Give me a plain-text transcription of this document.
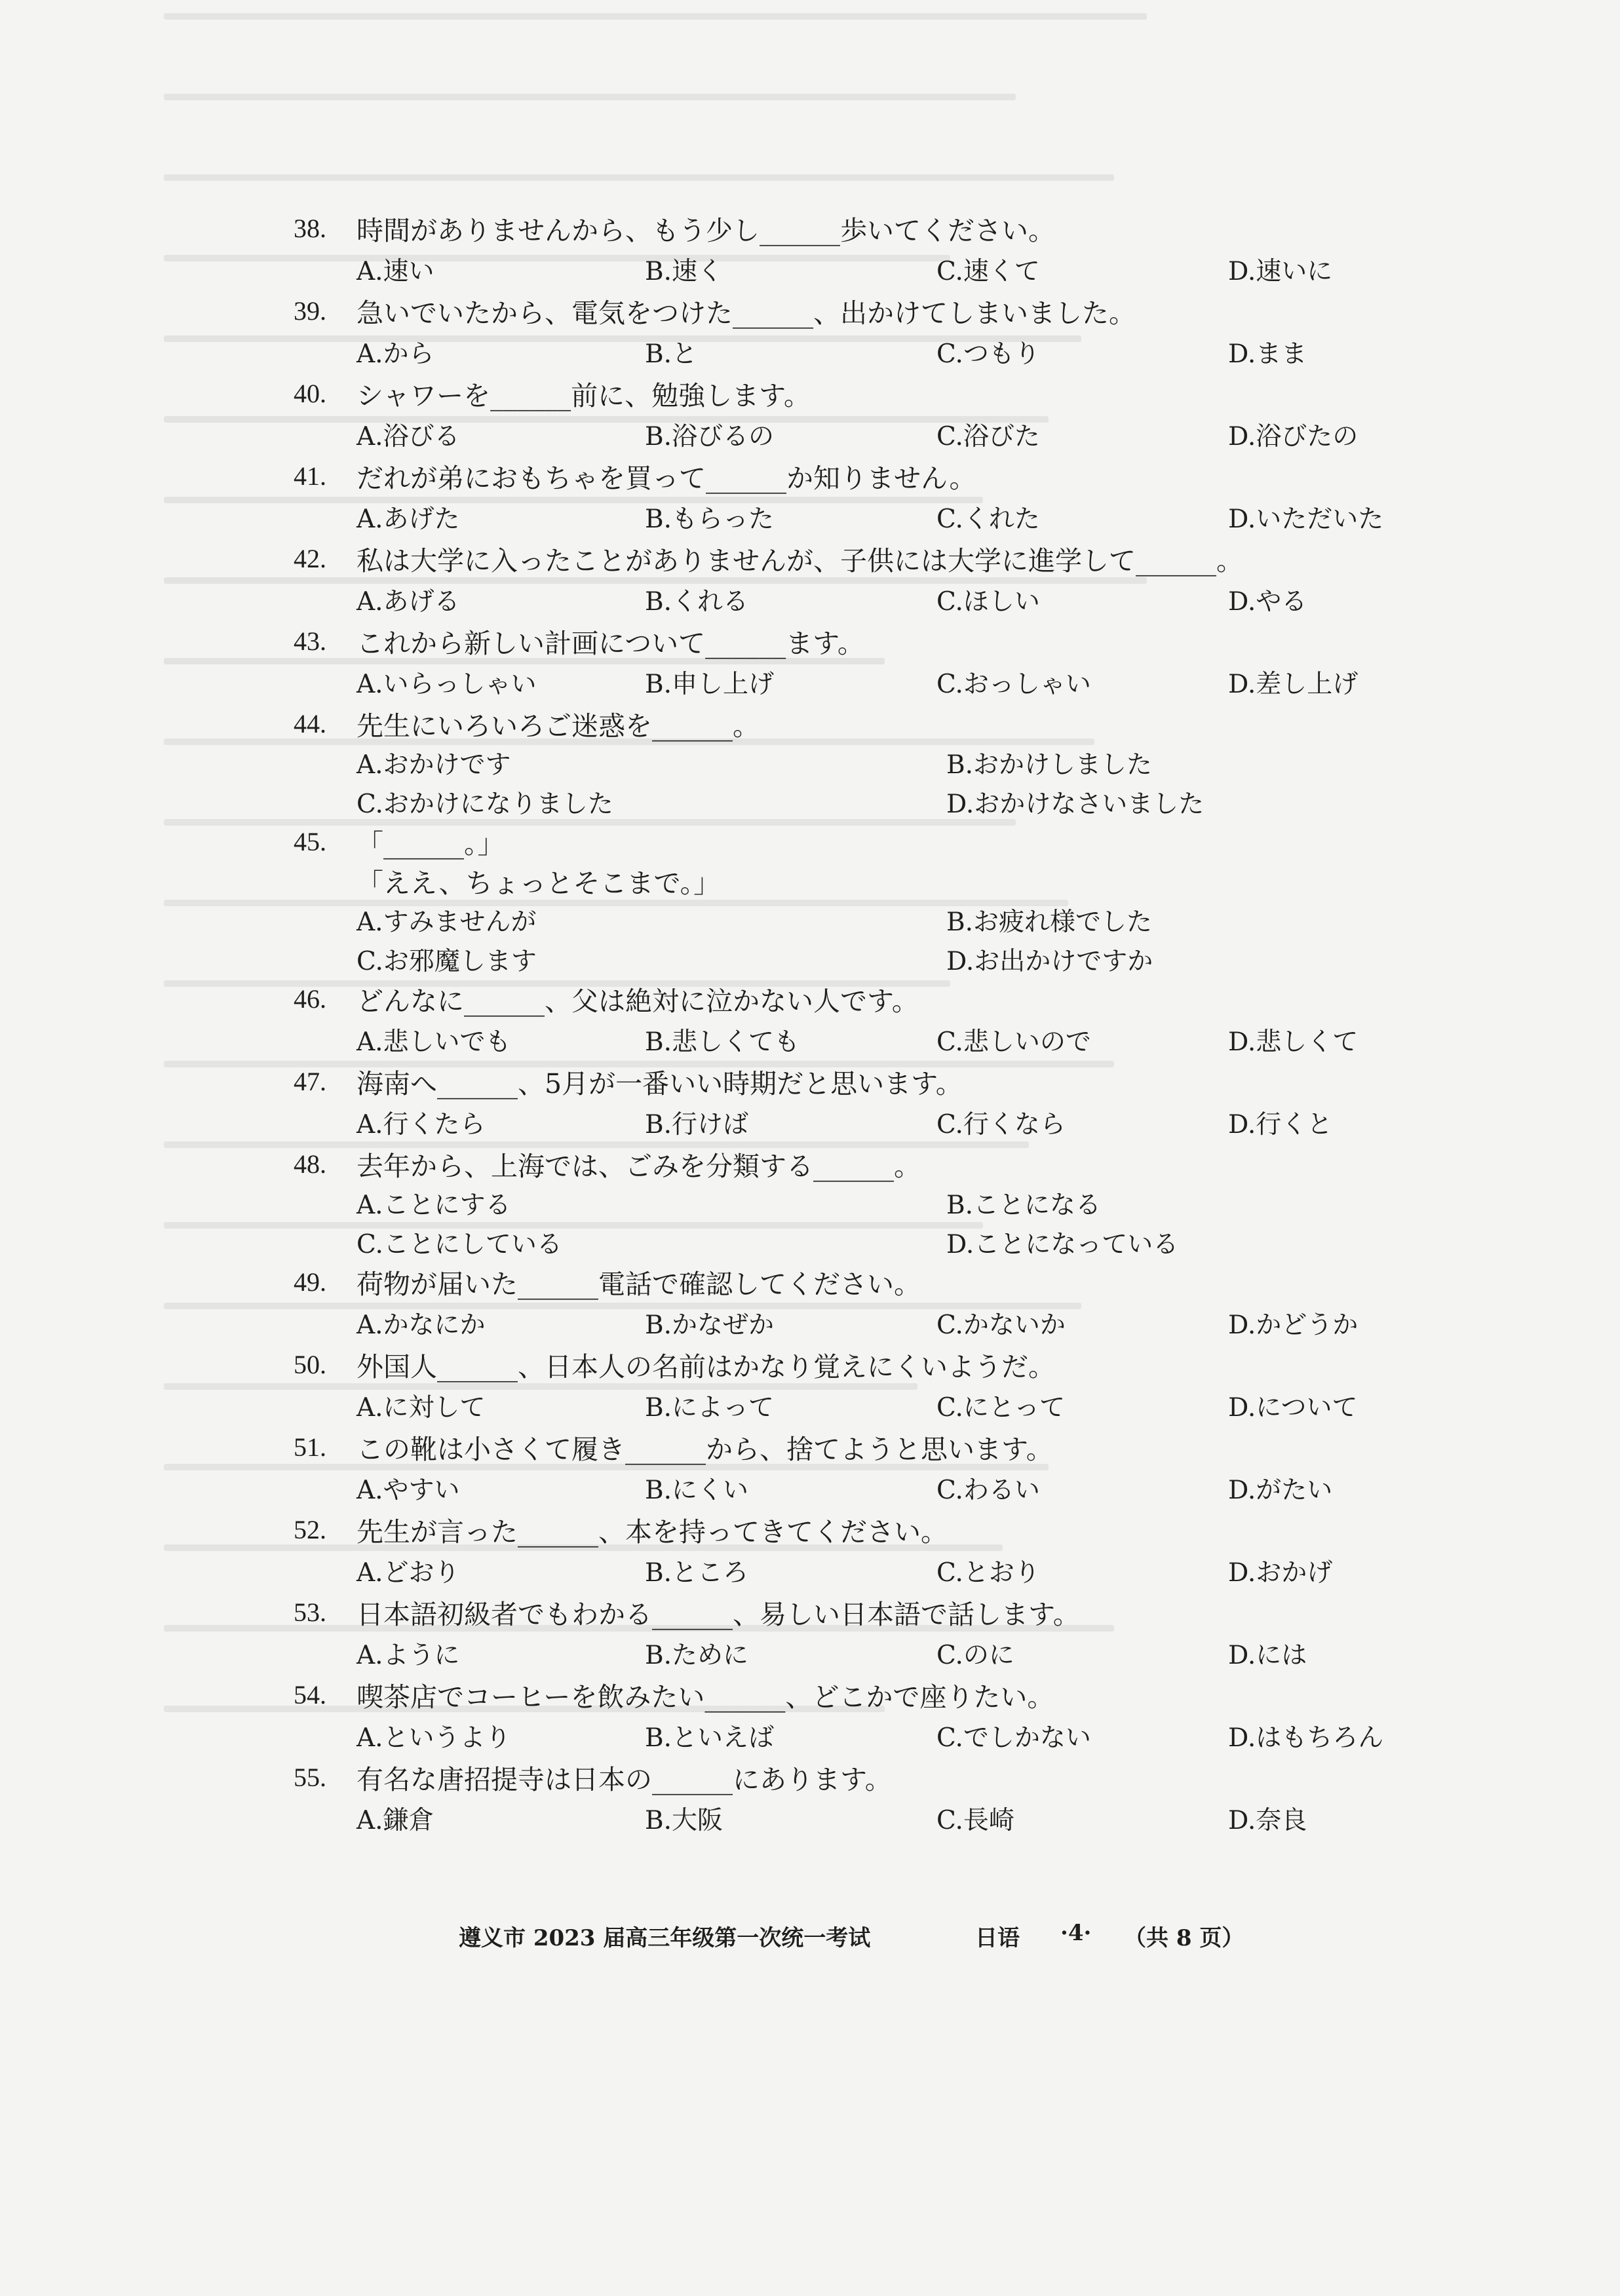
38.	時間がありませんから、もう少し______歩いてください。
A.速い	B.速く	C.速くて	D.速いに
39.	急いでいたから、電気をつけた______、出かけてしまいました。
A.から	B.と	C.つもり	D.まま
40.	シャワーを______前に、勉強します。
A.浴びる	B.浴びるの	C.浴びた	D.浴びたの
41.	だれが弟におもちゃを買って______か知りません。
A.あげた	B.もらった	C.くれた	D.いただいた
42.	私は大学に入ったことがありませんが、子供には大学に進学して______。
A.あげる	B.くれる	C.ほしい	D.やる
43.	これから新しい計画について______ます。
A.いらっしゃい	B.申し上げ	C.おっしゃい	D.差し上げ
44.	先生にいろいろご迷惑を______。
A.おかけです	B.おかけしました
C.おかけになりました	D.おかけなさいました
45.	「______。」
「ええ、ちょっとそこまで。」
A.すみませんが	B.お疲れ様でした
C.お邪魔します	D.お出かけですか
46.	どんなに______、父は絶対に泣かない人です。
A.悲しいでも	B.悲しくても	C.悲しいので	D.悲しくて
47.	海南へ______、5月が一番いい時期だと思います。
A.行くたら	B.行けば	C.行くなら	D.行くと
48.	去年から、上海では、ごみを分類する______。
A.ことにする	B.ことになる
C.ことにしている	D.ことになっている
49.	荷物が届いた______電話で確認してください。
A.かなにか	B.かなぜか	C.かないか	D.かどうか
50.	外国人______、日本人の名前はかなり覚えにくいようだ。
A.に対して	B.によって	C.にとって	D.について
51.	この靴は小さくて履き______から、捨てようと思います。
A.やすい	B.にくい	C.わるい	D.がたい
52.	先生が言った______、本を持ってきてください。
A.どおり	B.ところ	C.とおり	D.おかげ
53.	日本語初級者でもわかる______、易しい日本語で話します。
A.ように	B.ために	C.のに	D.には
54.	喫茶店でコーヒーを飲みたい______、どこかで座りたい。
A.というより	B.といえば	C.でしかない	D.はもちろん
55.	有名な唐招提寺は日本の______にあります。
A.鎌倉	B.大阪	C.長崎	D.奈良
遵义市 2023 届高三年级第一次统一考试	日语 ·4· （共 8 页）
